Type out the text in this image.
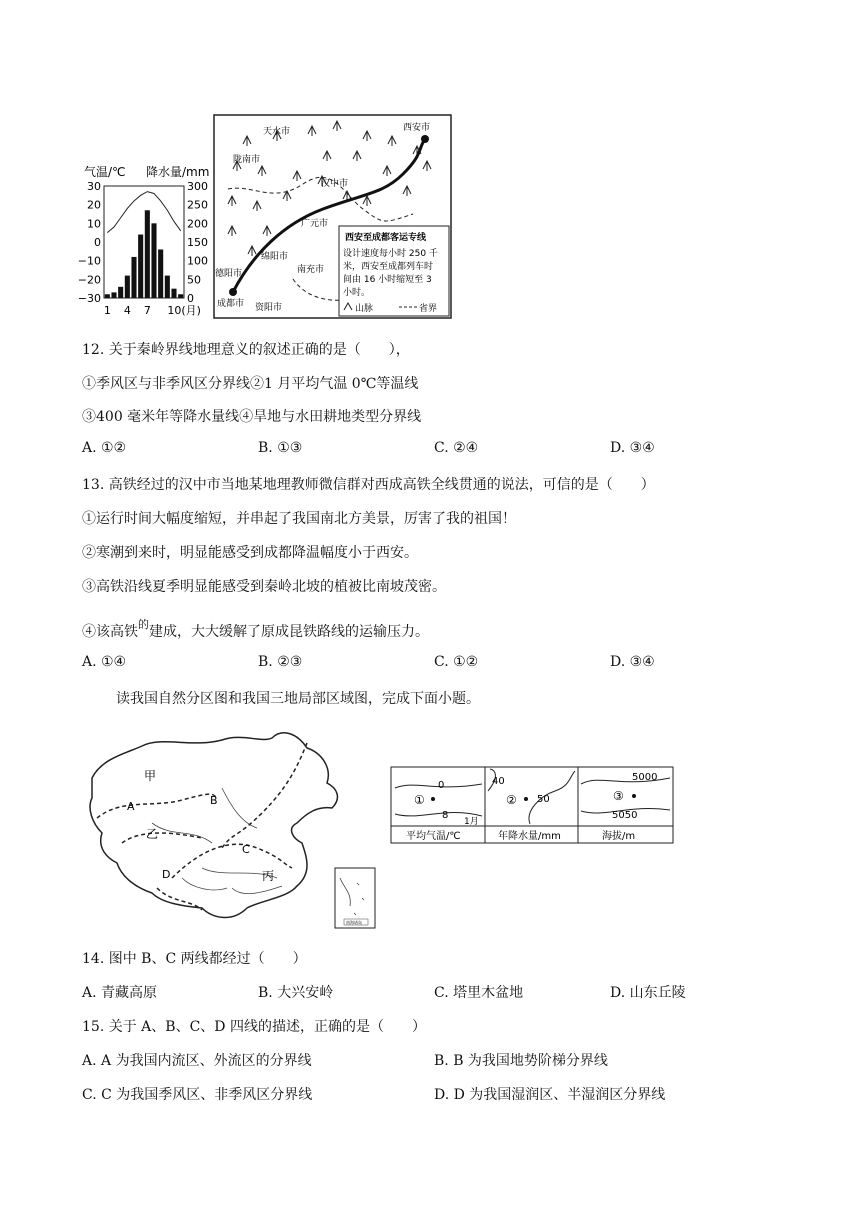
气温/℃ 降水量/mm
30
20
10
0
−10
−20
−30
300
250
200
150
100
50
0
1 4 7 10(月)
天水市
陇南市
汉中市
广元市
绵阳市
南充市
德阳市
成都市 资阳市
西安市
西安至成都客运专线
设计速度每小时 250 千
米，西安至成都列车时
间由 16 小时缩短至 3
小时。
山脉	省界
12. 关于秦岭界线地理意义的叙述正确的是（　　），
①季风区与非季风区分界线②1 月平均气温 0℃等温线
③400 毫米年等降水量线④旱地与水田耕地类型分界线
A. ①②	B. ①③	C. ②④	D. ③④
13. 高铁经过的汉中市当地某地理教师微信群对西成高铁全线贯通的说法，可信的是（　　）
①运行时间大幅度缩短，并串起了我国南北方美景，厉害了我的祖国！
②寒潮到来时，明显能感受到成都降温幅度小于西安。
③高铁沿线夏季明显能感受到秦岭北坡的植被比南坡茂密。
④该高铁$^的$建成，大大缓解了原成昆铁路线的运输压力。
A. ①④	B. ②③	C. ①②	D. ③④
读我国自然分区图和我国三地局部区域图，完成下面小题。
甲
A	B
乙
C
D	丙
南海诸岛
0
8
①
1月
平均气温/℃
40
50
②
年降水量/mm
5000
5050
③
海拔/m
14. 图中 B、C 两线都经过（　　）
A. 青藏高原	B. 大兴安岭	C. 塔里木盆地	D. 山东丘陵
15. 关于 A、B、C、D 四线的描述，正确的是（　　）
A. A 为我国内流区、外流区的分界线	B. B 为我国地势阶梯分界线
C. C 为我国季风区、非季风区分界线	D. D 为我国湿润区、半湿润区分界线
